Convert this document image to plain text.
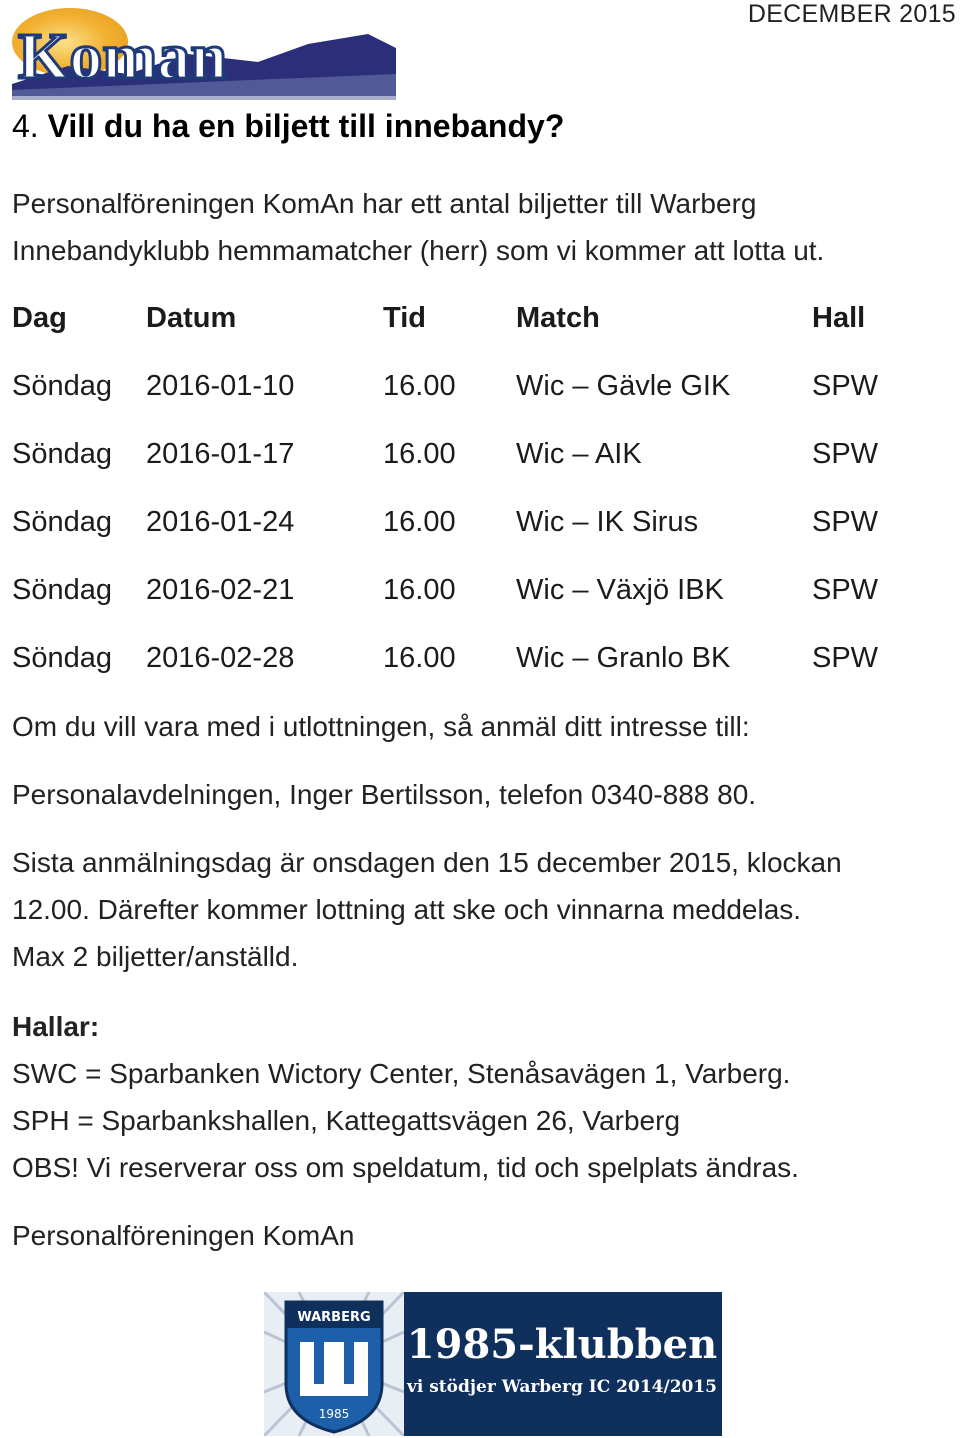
DECEMBER 2015
Koman
4. Vill du ha en biljett till innebandy?
Personalföreningen KomAn har ett antal biljetter till Warberg
Innebandyklubb hemmamatcher (herr) som vi kommer att lotta ut.
Dag	Datum	Tid	Match	Hall
Söndag 2016-01-10	16.00 Wic – Gävle GIK	SPW
Söndag 2016-01-17	16.00 Wic – AIK	SPW
Söndag 2016-01-24	16.00 Wic – IK Sirus	SPW
Söndag 2016-02-21	16.00 Wic – Växjö IBK	SPW
Söndag 2016-02-28	16.00 Wic – Granlo BK	SPW
Om du vill vara med i utlottningen, så anmäl ditt intresse till:
Personalavdelningen, Inger Bertilsson, telefon 0340-888 80.
Sista anmälningsdag är onsdagen den 15 december 2015, klockan
12.00. Därefter kommer lottning att ske och vinnarna meddelas.
Max 2 biljetter/anställd.
Hallar:
SWC = Sparbanken Wictory Center, Stenåsavägen 1, Varberg.
SPH = Sparbankshallen, Kattegattsvägen 26, Varberg
OBS! Vi reserverar oss om speldatum, tid och spelplats ändras.
Personalföreningen KomAn
WARBERG
1985
1985-klubben
vi stödjer Warberg IC 2014/2015
